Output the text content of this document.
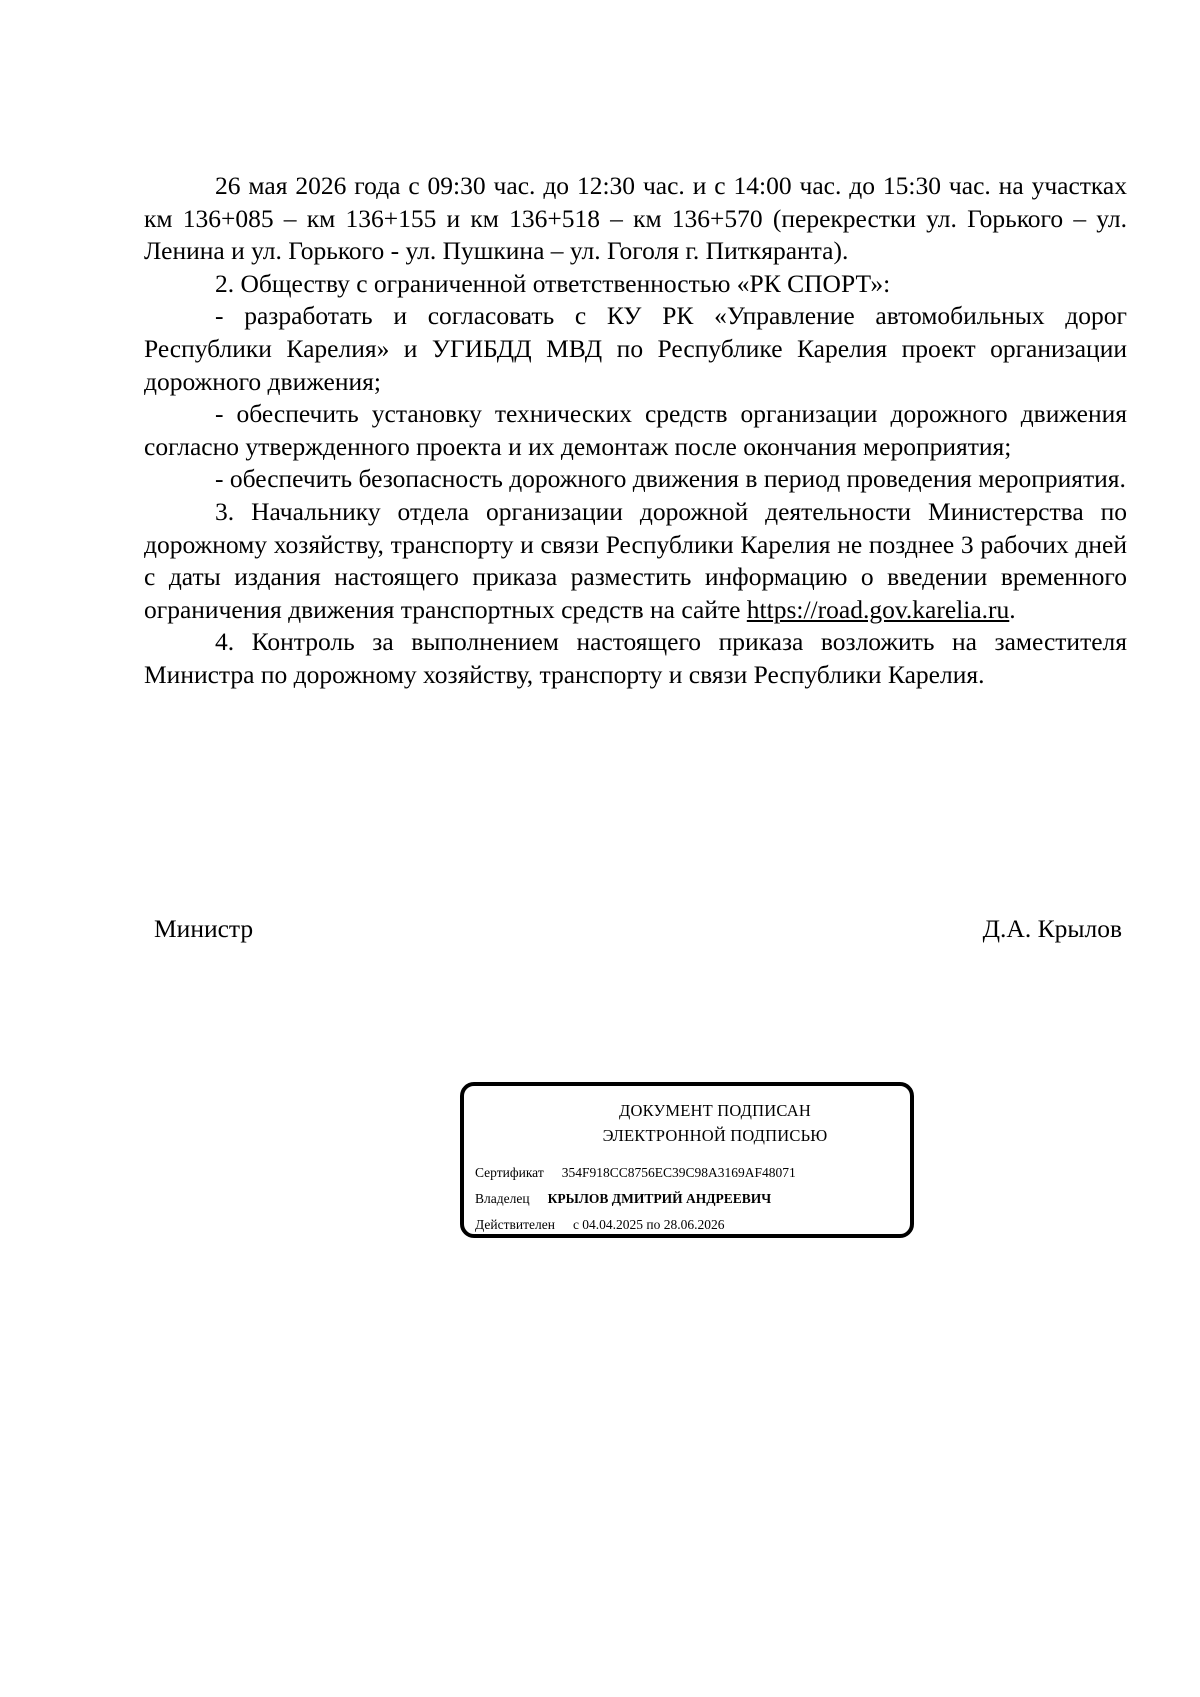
26 мая 2026 года с 09:30 час. до 12:30 час. и с 14:00 час. до 15:30 час. на участках км 136+085 – км 136+155 и км 136+518 – км 136+570 (перекрестки ул. Горького – ул. Ленина и ул. Горького - ул. Пушкина – ул. Гоголя г. Питкяранта).

2. Обществу с ограниченной ответственностью «РК СПОРТ»:

- разработать и согласовать с КУ РК «Управление автомобильных дорог Республики Карелия» и УГИБДД МВД по Республике Карелия проект организации дорожного движения;

- обеспечить установку технических средств организации дорожного движения согласно утвержденного проекта и их демонтаж после окончания мероприятия;

- обеспечить безопасность дорожного движения в период проведения мероприятия.

3. Начальнику отдела организации дорожной деятельности Министерства по дорожному хозяйству, транспорту и связи Республики Карелия не позднее 3 рабочих дней с даты издания настоящего приказа разместить информацию о введении временного ограничения движения транспортных средств на сайте https://road.gov.karelia.ru.

4. Контроль за выполнением настоящего приказа возложить на заместителя Министра по дорожному хозяйству, транспорту и связи Республики Карелия.

Министр	Д.А. Крылов
ДОКУМЕНТ ПОДПИСАН
ЭЛЕКТРОННОЙ ПОДПИСЬЮ
Сертификат 354F918CC8756EC39C98A3169AF48071
Владелец КРЫЛОВ ДМИТРИЙ АНДРЕЕВИЧ
Действителен с 04.04.2025 по 28.06.2026
